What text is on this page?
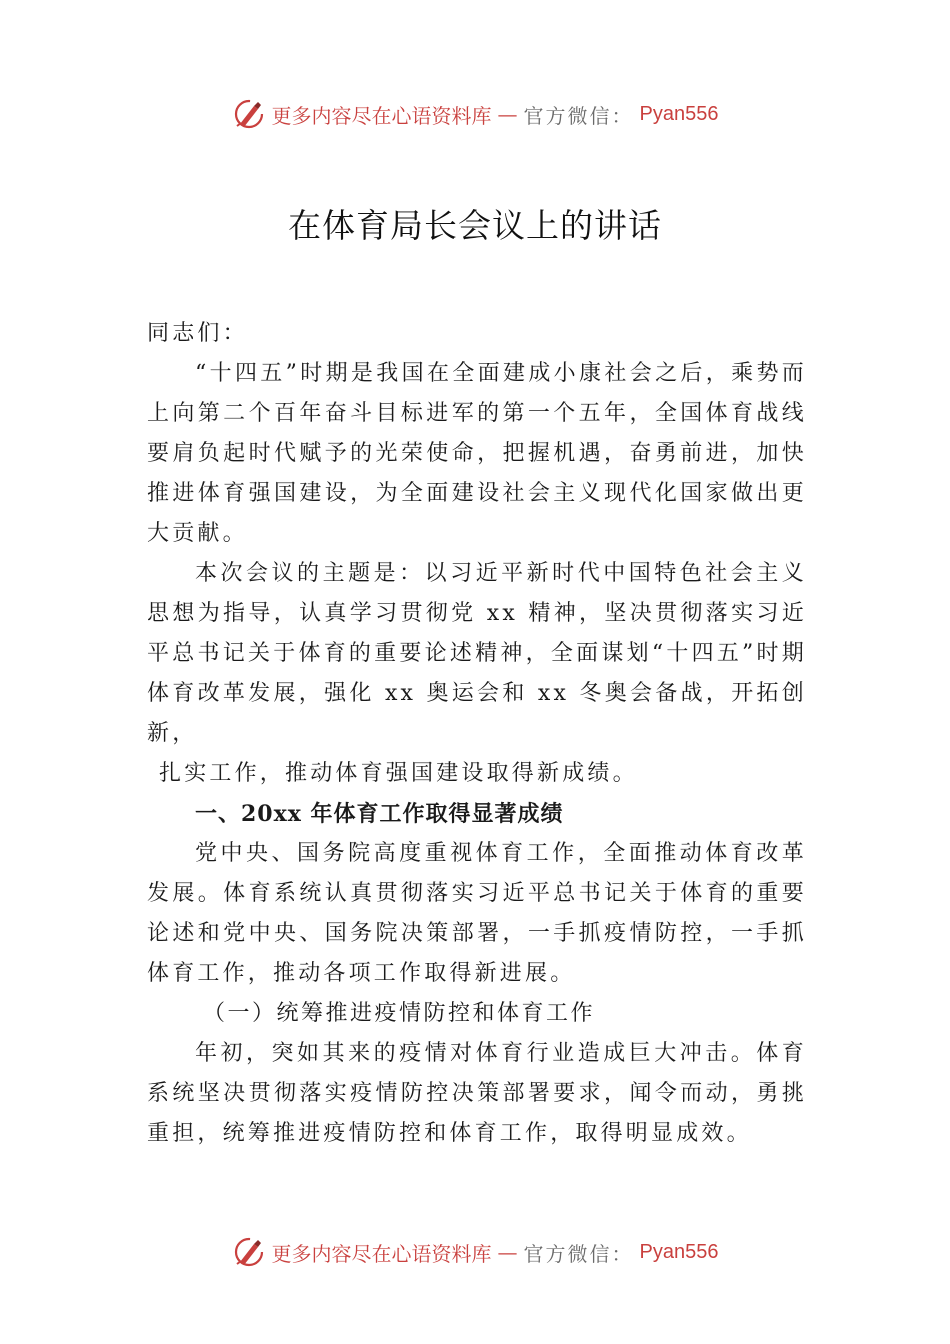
更多内容尽在心语资料库 — 官方微信： Pyan556
在体育局长会议上的讲话

同志们：

“十四五”时期是我国在全面建成小康社会之后，乘势而上向第二个百年奋斗目标进军的第一个五年，全国体育战线要肩负起时代赋予的光荣使命，把握机遇，奋勇前进，加快推进体育强国建设，为全面建设社会主义现代化国家做出更大贡献。

本次会议的主题是：以习近平新时代中国特色社会主义思想为指导，认真学习贯彻党 xx 精神，坚决贯彻落实习近平总书记关于体育的重要论述精神，全面谋划“十四五”时期体育改革发展，强化 xx 奥运会和 xx 冬奥会备战，开拓创新，

扎实工作，推动体育强国建设取得新成绩。

一、20xx 年体育工作取得显著成绩

党中央、国务院高度重视体育工作，全面推动体育改革发展。体育系统认真贯彻落实习近平总书记关于体育的重要论述和党中央、国务院决策部署，一手抓疫情防控，一手抓体育工作，推动各项工作取得新进展。

（一）统筹推进疫情防控和体育工作

年初，突如其来的疫情对体育行业造成巨大冲击。体育系统坚决贯彻落实疫情防控决策部署要求，闻令而动，勇挑重担，统筹推进疫情防控和体育工作，取得明显成效。

更多内容尽在心语资料库 — 官方微信： Pyan556
